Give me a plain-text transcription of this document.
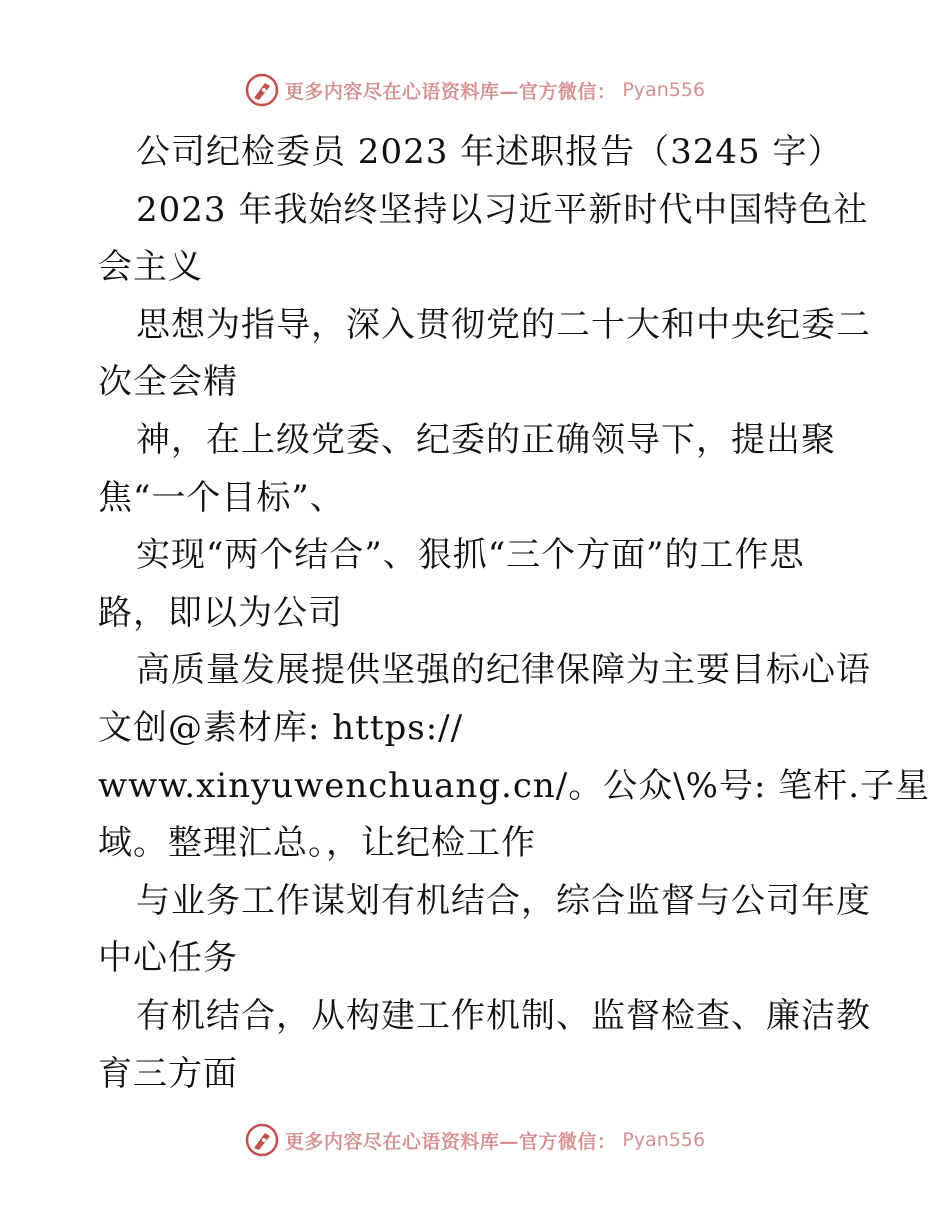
更多内容尽在心语资料库—官方微信： Pyan556
公司纪检委员 2023 年述职报告（3245 字）
2023 年我始终坚持以习近平新时代中国特色社
会主义
思想为指导，深入贯彻党的二十大和中央纪委二
次全会精
神，在上级党委、纪委的正确领导下，提出聚
焦“一个目标”、
实现“两个结合”、狠抓“三个方面”的工作思
路，即以为公司
高质量发展提供坚强的纪律保障为主要目标心语
文创@素材库: https://
www.xinyuwenchuang.cn/。公众\%号: 笔杆.子星
域。整理汇总。，让纪检工作
与业务工作谋划有机结合，综合监督与公司年度
中心任务
有机结合，从构建工作机制、监督检查、廉洁教
育三方面
更多内容尽在心语资料库—官方微信： Pyan556
